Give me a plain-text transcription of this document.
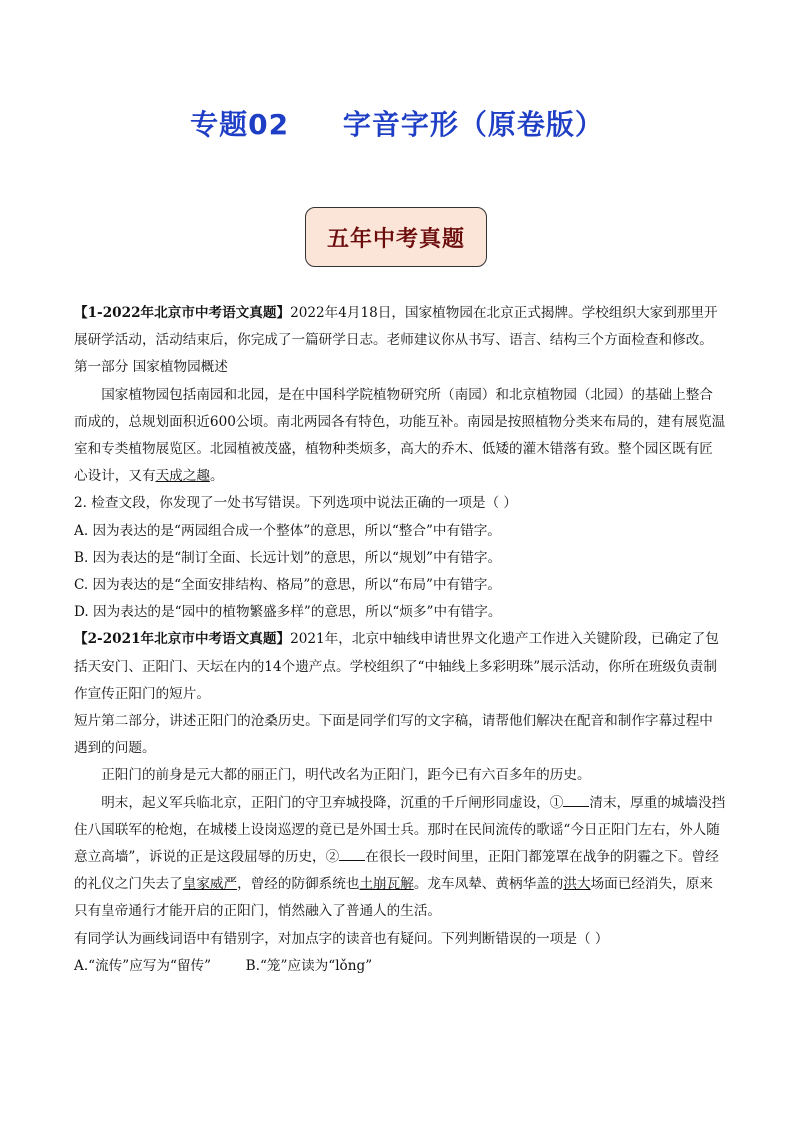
专题02     字音字形（原卷版）
五年中考真题

【1-2022年北京市中考语文真题】2022年4月18日，国家植物园在北京正式揭牌。学校组织大家到那里开展研学活动，活动结束后，你完成了一篇研学日志。老师建议你从书写、语言、结构三个方面检查和修改。

第一部分 国家植物园概述

国家植物园包括南园和北园，是在中国科学院植物研究所（南园）和北京植物园（北园）的基础上整合而成的，总规划面积近600公顷。南北两园各有特色，功能互补。南园是按照植物分类来布局的，建有展览温室和专类植物展览区。北园植被茂盛，植物种类烦多，高大的乔木、低矮的灌木错落有致。整个园区既有匠心设计，又有天成之趣。

2. 检查文段，你发现了一处书写错误。下列选项中说法正确的一项是（ ）

A. 因为表达的是“两园组合成一个整体”的意思，所以“整合”中有错字。

B. 因为表达的是“制订全面、长远计划”的意思，所以“规划”中有错字。

C. 因为表达的是“全面安排结构、格局”的意思，所以“布局”中有错字。

D. 因为表达的是“园中的植物繁盛多样”的意思，所以“烦多”中有错字。

【2-2021年北京市中考语文真题】2021年，北京中轴线申请世界文化遗产工作进入关键阶段，已确定了包括天安门、正阳门、天坛在内的14个遗产点。学校组织了“中轴线上多彩明珠”展示活动，你所在班级负责制作宣传正阳门的短片。

短片第二部分，讲述正阳门的沧桑历史。下面是同学们写的文字稿，请帮他们解决在配音和制作字幕过程中遇到的问题。

正阳门的前身是元大都的丽正门，明代改名为正阳门，距今已有六百多年的历史。

明末，起义军兵临北京，正阳门的守卫弃城投降，沉重的千斤闸形同虚设，① 清末，厚重的城墙没挡住八国联军的枪炮，在城楼上设岗巡逻的竟已是外国士兵。那时在民间流传的歌谣“今日正阳门左右，外人随意立高墙”，诉说的正是这段屈辱的历史，② 在很长一段时间里，正阳门都笼罩在战争的阴霾之下。曾经的礼仪之门失去了皇家威严，曾经的防御系统也土崩瓦解。龙车凤辇、黄柄华盖的洪大场面已经消失，原来只有皇帝通行才能开启的正阳门，悄然融入了普通人的生活。

有同学认为画线词语中有错别字，对加点字的读音也有疑问。下列判断错误的一项是（ ）

A.“流传”应写为“留传”	B.“笼”应读为“lǒng”
